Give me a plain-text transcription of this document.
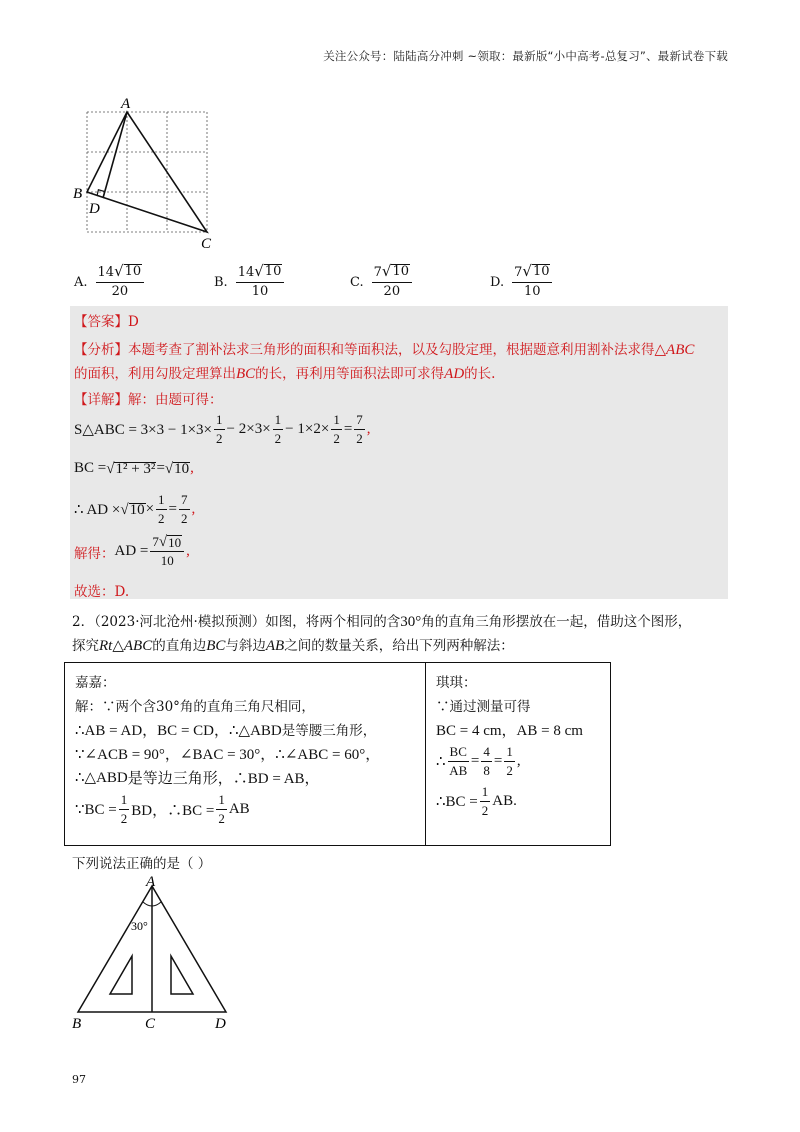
关注公众号：陆陆高分冲刺 ~领取：最新版“小中高考-总复习”、最新试卷下载
A
B
D
C
A. $\frac{14 √ 10}{20}$	B. $\frac{14 √ 10}{10}$	C. $\frac{7 √ 10}{20}$	D. $\frac{7 √ 10}{10}$
【答案】D
【分析】本题考查了割补法求三角形的面积和等面积法，以及勾股定理，根据题意利用割补法求得△ABC
的面积，利用勾股定理算出BC的长，再利用等面积法即可求得AD的长.
【详解】解：由题可得：
S△ABC = $3\times 3 - 1\times 3\times \frac{1}{2} - 2\times 3\times \frac{1}{2} - 1\times 2\times \frac{1}{2} = \frac{7}{2}$ ,
BC = √ 1² + 3² = √ 10 ,
∴ AD × √ $10 \times \frac{1}{2} = \frac{7}{2}$ ,
解得： AD = $\frac{7 √ 10}{10}$ ,
故选：D.
2．（2023·河北沧州·模拟预测）如图，将两个相同的含30°角的直角三角形摆放在一起，借助这个图形，
探究Rt△ABC的直角边BC与斜边AB之间的数量关系，给出下列两种解法：
嘉嘉：
解：∵两个含30°角的直角三角尺相同，
∴AB = AD，BC = CD，∴△ABD 是等腰三角形，
∵∠ACB = 90°，∠BAC = 30°，∴∠ABC = 60°，
∴△ABD 是等边三角形，∴BD = AB，
∵BC = $\frac{1}{2}$ BD，∴BC = $\frac{1}{2}$ AB

琪琪：
∵通过测量可得
BC = 4 cm，AB = 8 cm
∴ $\frac{BC}{AB} = \frac{4}{8} = \frac{1}{2}$ ,
∴BC = $\frac{1}{2}$ AB.
下列说法正确的是（ ）
A
B	C	D
30°
97
